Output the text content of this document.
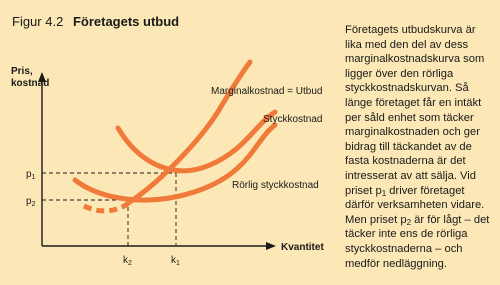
Figur 4.2 Företagets utbud
Pris,
kostnad
Kvantitet
Marginalkostnad = Utbud
Styckkostnad
Rörlig styckkostnad
$p_1$
$p_2$
$k_2$	$k_1$

Företagets utbudskurva är lika med den del av dess marginalkostnadskurva som ligger över den rörliga styckkostnadskurvan. Så länge företaget får en intäkt per såld enhet som täcker marginalkostnaden och ger bidrag till täckandet av de fasta kostnaderna är det intresserat av att sälja. Vid priset $p_1$ driver företaget därför verksamheten vidare. Men priset $p_2$ är för lågt – det täcker inte ens de rörliga styckkostnaderna – och medför nedläggning.
